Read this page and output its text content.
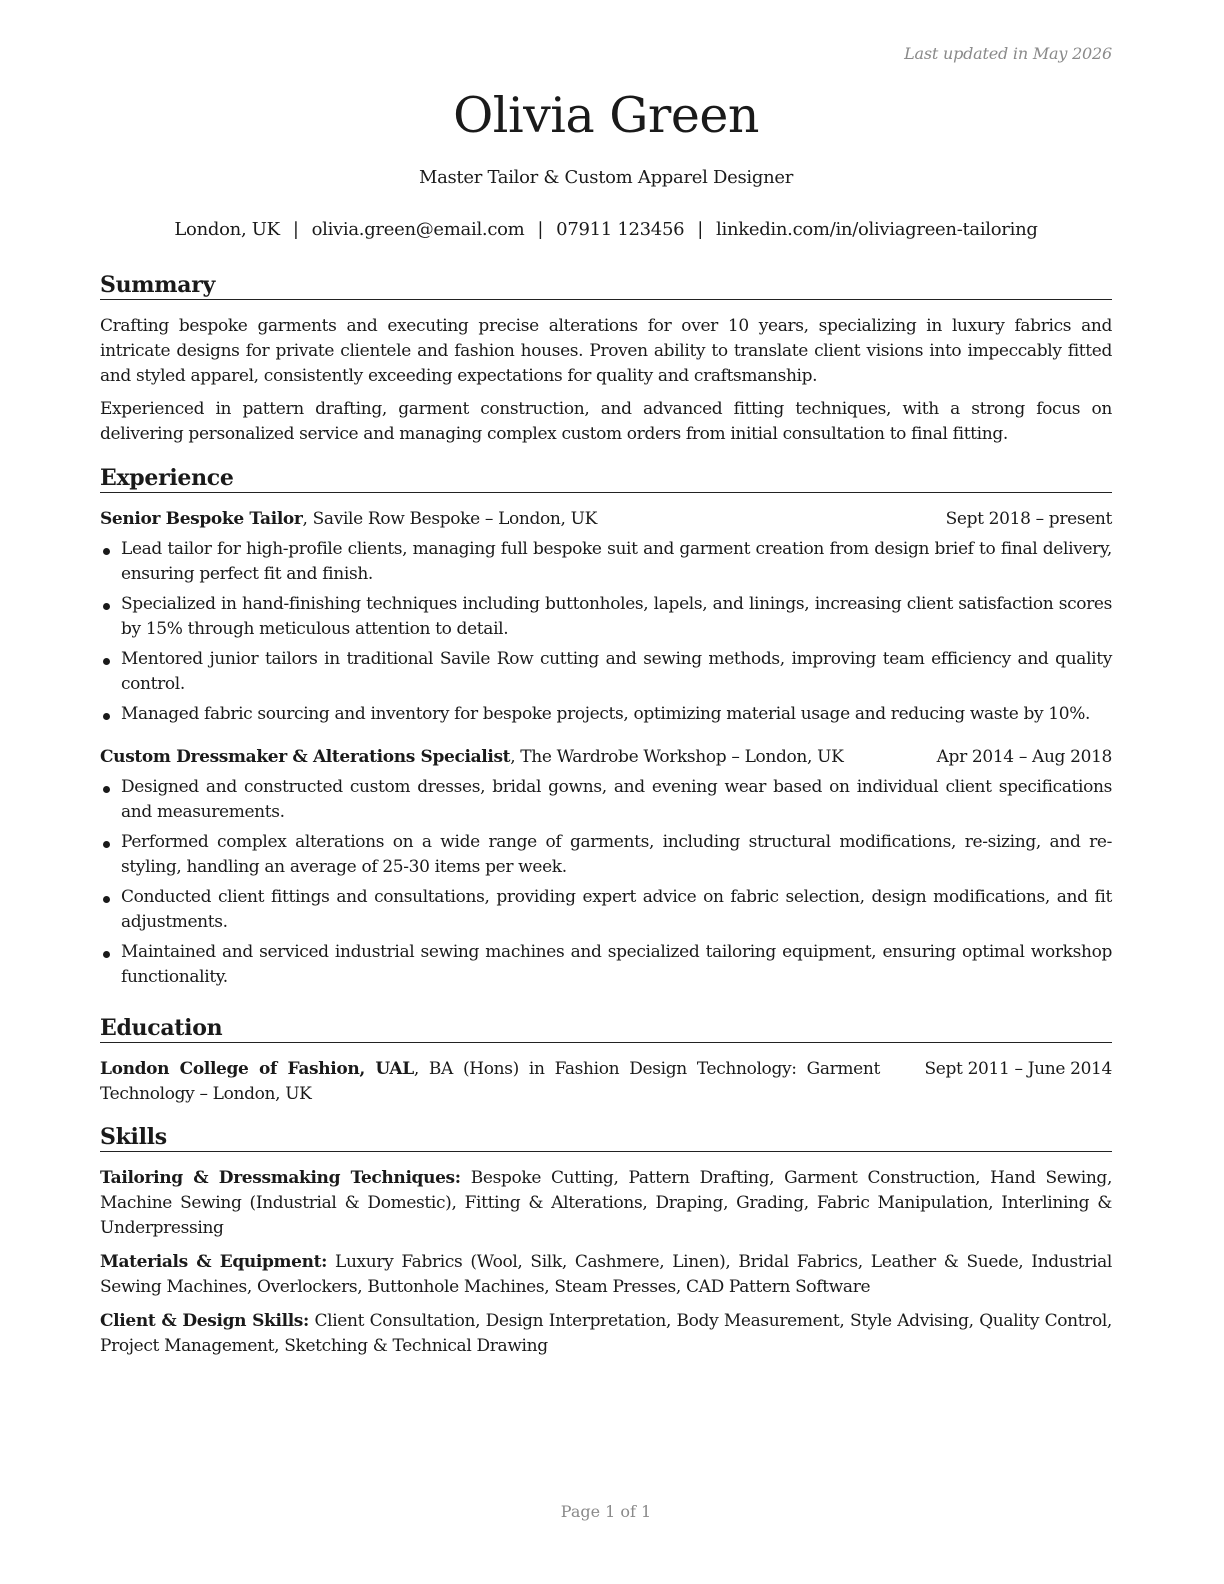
Last updated in May 2026
Olivia Green
Master Tailor & Custom Apparel Designer
London, UK | olivia.green@email.com | 07911 123456 | linkedin.com/in/oliviagreen-tailoring
Summary

Crafting bespoke garments and executing precise alterations for over 10 years, specializing in luxury fabrics and intricate designs for private clientele and fashion houses. Proven ability to translate client visions into impeccably fitted and styled apparel, consistently exceeding expectations for quality and craftsmanship.

Experienced in pattern drafting, garment construction, and advanced fitting techniques, with a strong focus on delivering personalized service and managing complex custom orders from initial consultation to final fitting.

Experience
Senior Bespoke Tailor, Savile Row Bespoke – London, UK	Sept 2018 – present
Lead tailor for high-profile clients, managing full bespoke suit and garment creation from design brief to final delivery, ensuring perfect fit and finish.
Specialized in hand-finishing techniques including buttonholes, lapels, and linings, increasing client satisfaction scores by 15% through meticulous attention to detail.
Mentored junior tailors in traditional Savile Row cutting and sewing methods, improving team efficiency and quality control.
Managed fabric sourcing and inventory for bespoke projects, optimizing material usage and reducing waste by 10%.
Custom Dressmaker & Alterations Specialist, The Wardrobe Workshop – London, UK	Apr 2014 – Aug 2018
Designed and constructed custom dresses, bridal gowns, and evening wear based on individual client specifications and measurements.
Performed complex alterations on a wide range of garments, including structural modifications, re-sizing, and re-styling, handling an average of 25-30 items per week.
Conducted client fittings and consultations, providing expert advice on fabric selection, design modifications, and fit adjustments.
Maintained and serviced industrial sewing machines and specialized tailoring equipment, ensuring optimal workshop functionality.
Education
London College of Fashion, UAL, BA (Hons) in Fashion Design Technology: Garment Technology – London, UK
Sept 2011 – June 2014
Skills

Tailoring & Dressmaking Techniques: Bespoke Cutting, Pattern Drafting, Garment Construction, Hand Sewing, Machine Sewing (Industrial & Domestic), Fitting & Alterations, Draping, Grading, Fabric Manipulation, Interlining & Underpressing

Materials & Equipment: Luxury Fabrics (Wool, Silk, Cashmere, Linen), Bridal Fabrics, Leather & Suede, Industrial Sewing Machines, Overlockers, Buttonhole Machines, Steam Presses, CAD Pattern Software

Client & Design Skills: Client Consultation, Design Interpretation, Body Measurement, Style Advising, Quality Control, Project Management, Sketching & Technical Drawing

Page 1 of 1
